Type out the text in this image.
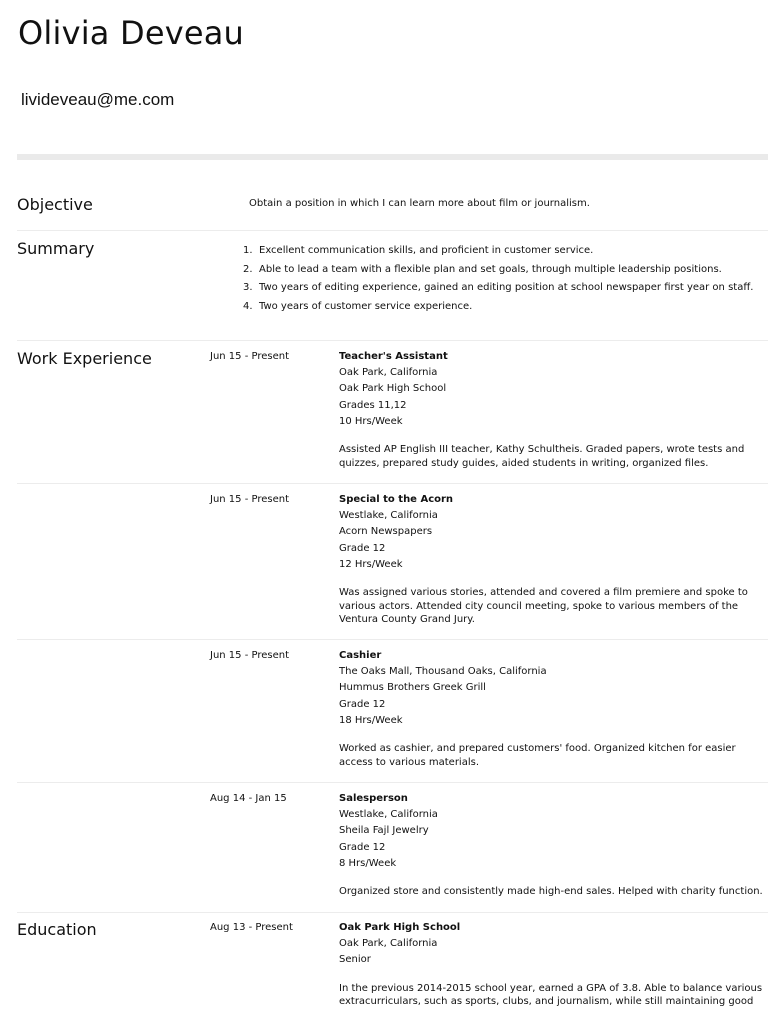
Olivia Deveau
livideveau@me.com
Objective	Obtain a position in which I can learn more about film or journalism.
Summary	1. Excellent communication skills, and proficient in customer service.
2. Able to lead a team with a flexible plan and set goals, through multiple leadership positions.
3. Two years of editing experience, gained an editing position at school newspaper first year on staff.
4. Two years of customer service experience.
Work Experience	Jun 15 - Present	Teacher's Assistant
Oak Park, California
Oak Park High School
Grades 11,12
10 Hrs/Week
Assisted AP English III teacher, Kathy Schultheis. Graded papers, wrote tests and quizzes, prepared study guides, aided students in writing, organized files.
Jun 15 - Present	Special to the Acorn
Westlake, California
Acorn Newspapers
Grade 12
12 Hrs/Week
Was assigned various stories, attended and covered a film premiere and spoke to various actors. Attended city council meeting, spoke to various members of the Ventura County Grand Jury.
Jun 15 - Present	Cashier
The Oaks Mall, Thousand Oaks, California
Hummus Brothers Greek Grill
Grade 12
18 Hrs/Week
Worked as cashier, and prepared customers' food. Organized kitchen for easier access to various materials.
Aug 14 - Jan 15	Salesperson
Westlake, California
Sheila Fajl Jewelry
Grade 12
8 Hrs/Week
Organized store and consistently made high-end sales. Helped with charity function.
Education	Aug 13 - Present	Oak Park High School
Oak Park, California
Senior
In the previous 2014-2015 school year, earned a GPA of 3.8. Able to balance various extracurriculars, such as sports, clubs, and journalism, while still maintaining good
